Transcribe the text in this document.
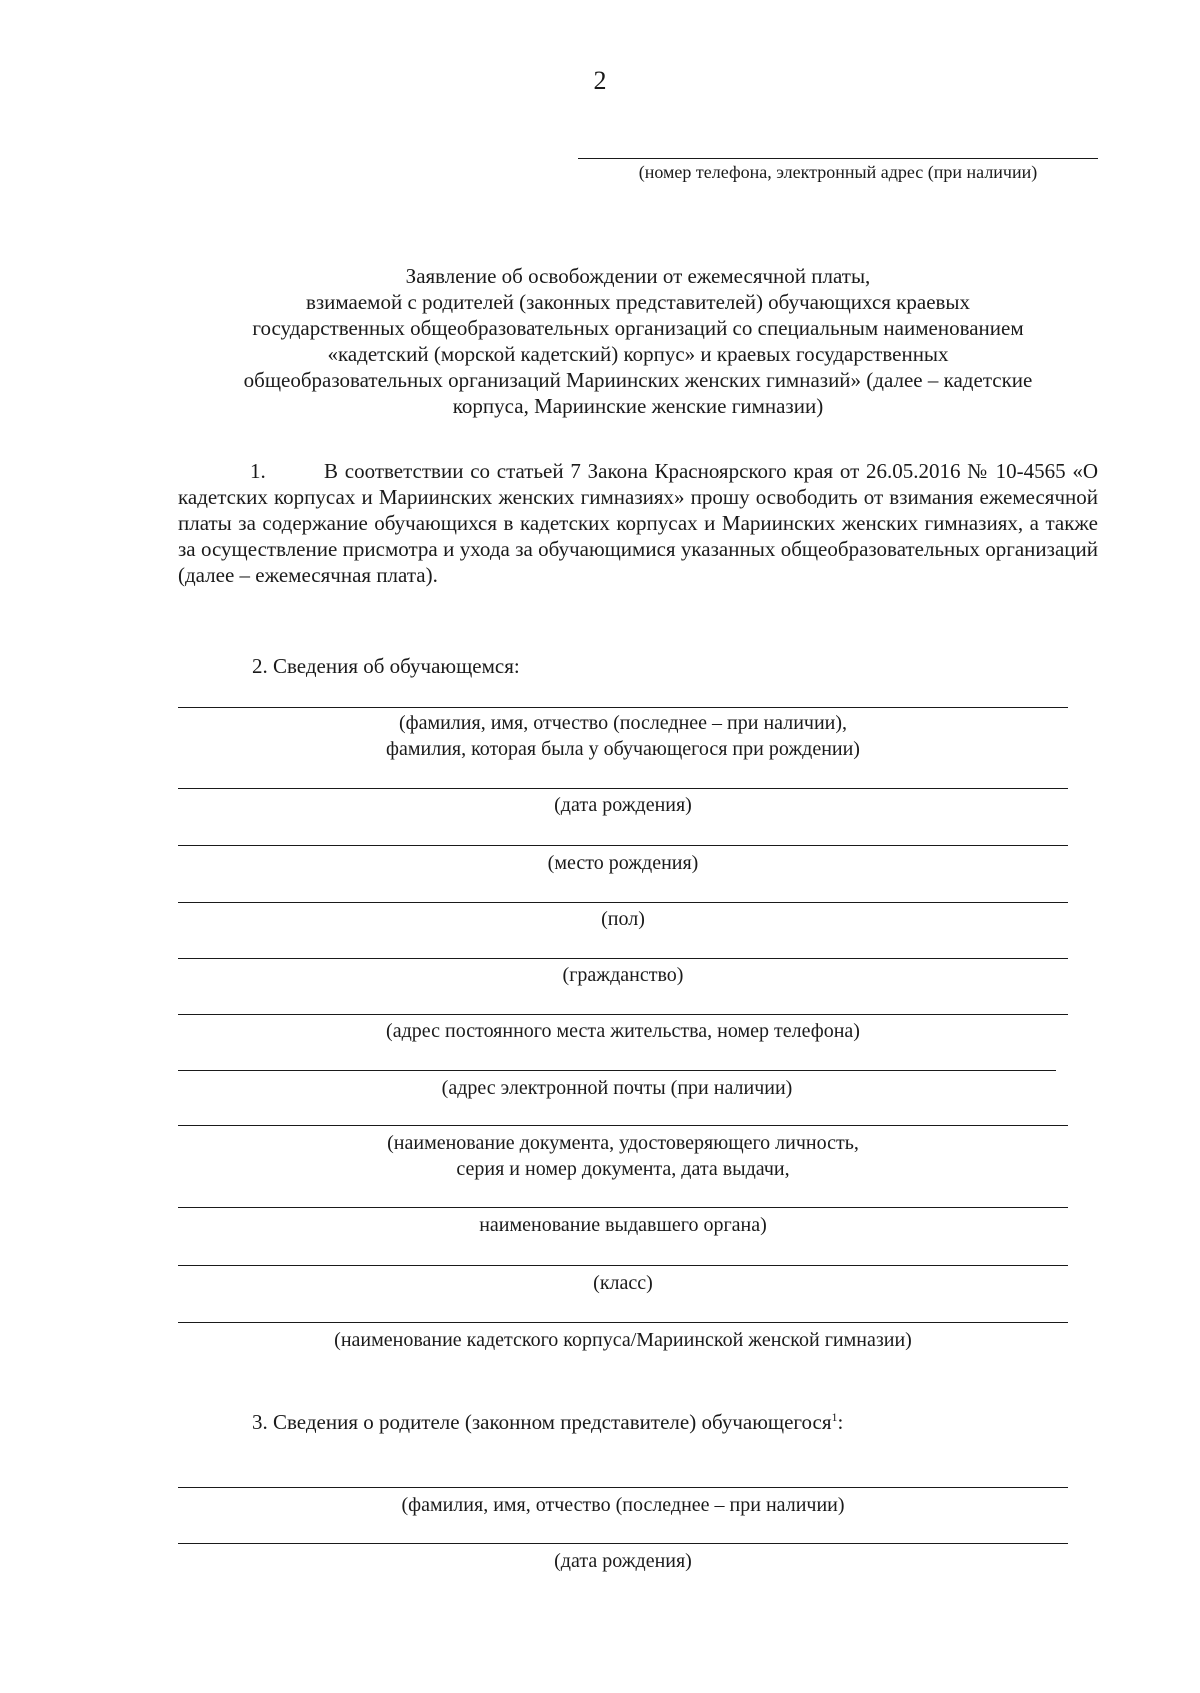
2
(номер телефона, электронный адрес (при наличии)
Заявление об освобождении от ежемесячной платы,
взимаемой с родителей (законных представителей) обучающихся краевых
государственных общеобразовательных организаций со специальным наименованием
«кадетский (морской кадетский) корпус» и краевых государственных
общеобразовательных организаций Мариинских женских гимназий» (далее – кадетские
корпуса, Мариинские женские гимназии)
1.	В соответствии со статьей 7 Закона Красноярского края от 26.05.2016 № 10-4565 «О кадетских корпусах и Мариинских женских гимназиях» прошу освободить от взимания ежемесячной платы за содержание обучающихся в кадетских корпусах и Мариинских женских гимназиях, а также за осуществление присмотра и ухода за обучающимися указанных общеобразовательных организаций (далее – ежемесячная плата).
2. Сведения об обучающемся:
(фамилия, имя, отчество (последнее – при наличии),
фамилия, которая была у обучающегося при рождении)
(дата рождения)
(место рождения)
(пол)
(гражданство)
(адрес постоянного места жительства, номер телефона)
(адрес электронной почты (при наличии)
(наименование документа, удостоверяющего личность,
серия и номер документа, дата выдачи,
наименование выдавшего органа)
(класс)
(наименование кадетского корпуса/Мариинской женской гимназии)
3. Сведения о родителе (законном представителе) обучающегося$^1$:
(фамилия, имя, отчество (последнее – при наличии)
(дата рождения)
